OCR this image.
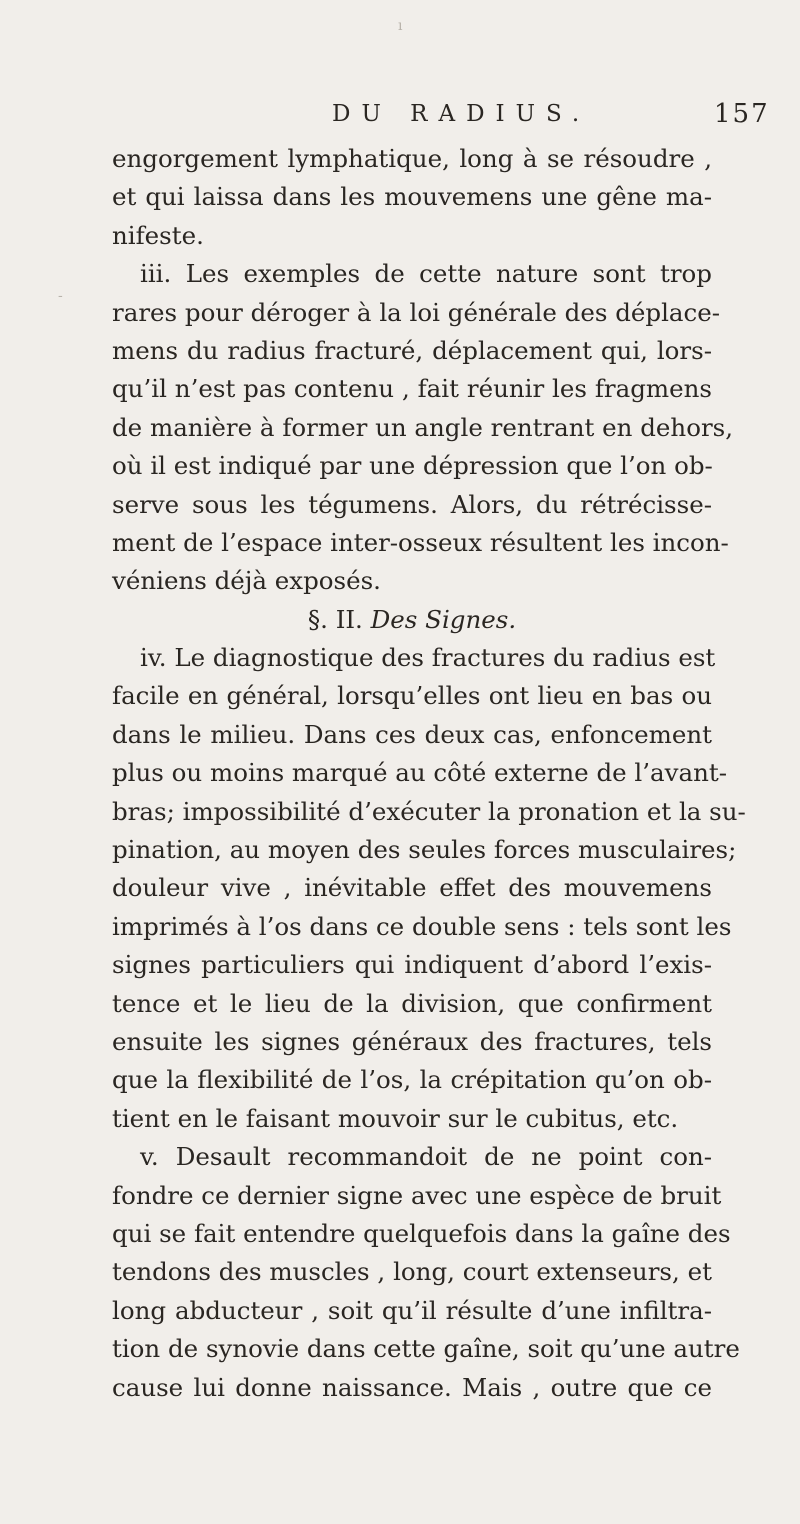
ı
-
DU RADIUS.	157
engorgement lymphatique, long à se résoudre ,
et qui laissa dans les mouvemens une gêne ma-
nifeste.
iii. Les exemples de cette nature sont trop
rares pour déroger à la loi générale des déplace-
mens du radius fracturé, déplacement qui, lors-
qu’il n’est pas contenu , fait réunir les fragmens
de manière à former un angle rentrant en dehors,
où il est indiqué par une dépression que l’on ob-
serve sous les tégumens. Alors, du rétrécisse-
ment de l’espace inter-osseux résultent les incon-
véniens déjà exposés.
§. II. Des Signes.
iv. Le diagnostique des fractures du radius est
facile en général, lorsqu’elles ont lieu en bas ou
dans le milieu. Dans ces deux cas, enfoncement
plus ou moins marqué au côté externe de l’avant-
bras; impossibilité d’exécuter la pronation et la su-
pination, au moyen des seules forces musculaires;
douleur vive , inévitable effet des mouvemens
imprimés à l’os dans ce double sens : tels sont les
signes particuliers qui indiquent d’abord l’exis-
tence et le lieu de la division, que confirment
ensuite les signes généraux des fractures, tels
que la flexibilité de l’os, la crépitation qu’on ob-
tient en le faisant mouvoir sur le cubitus, etc.
v. Desault recommandoit de ne point con-
fondre ce dernier signe avec une espèce de bruit
qui se fait entendre quelquefois dans la gaîne des
tendons des muscles , long, court extenseurs, et
long abducteur , soit qu’il résulte d’une infiltra-
tion de synovie dans cette gaîne, soit qu’une autre
cause lui donne naissance. Mais , outre que ce
